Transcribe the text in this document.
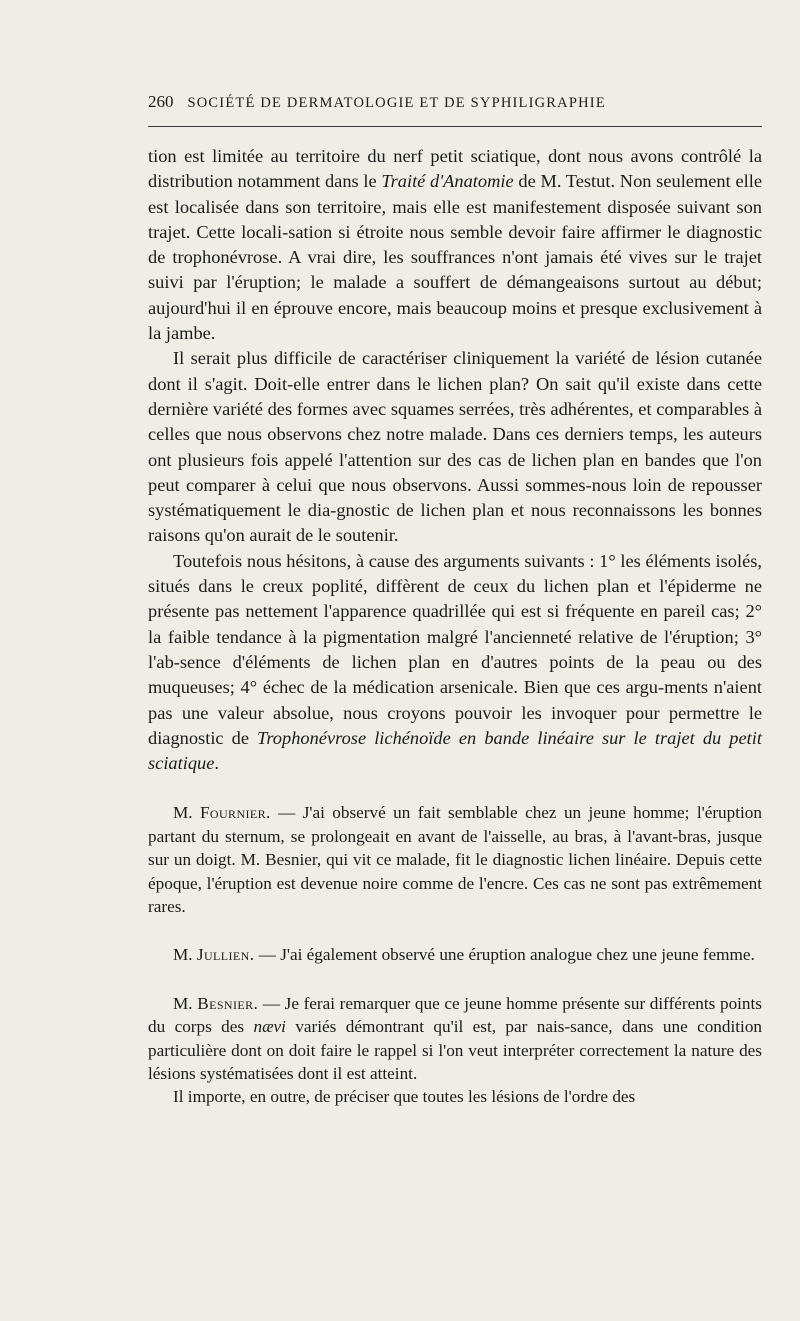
260 SOCIÉTÉ DE DERMATOLOGIE ET DE SYPHILIGRAPHIE

tion est limitée au territoire du nerf petit sciatique, dont nous avons contrôlé la distribution notamment dans le Traité d'Anatomie de M. Testut. Non seulement elle est localisée dans son territoire, mais elle est manifestement disposée suivant son trajet. Cette locali-sation si étroite nous semble devoir faire affirmer le diagnostic de trophonévrose. A vrai dire, les souffrances n'ont jamais été vives sur le trajet suivi par l'éruption; le malade a souffert de démangeaisons surtout au début; aujourd'hui il en éprouve encore, mais beaucoup moins et presque exclusivement à la jambe.

Il serait plus difficile de caractériser cliniquement la variété de lésion cutanée dont il s'agit. Doit-elle entrer dans le lichen plan? On sait qu'il existe dans cette dernière variété des formes avec squames serrées, très adhérentes, et comparables à celles que nous observons chez notre malade. Dans ces derniers temps, les auteurs ont plusieurs fois appelé l'attention sur des cas de lichen plan en bandes que l'on peut comparer à celui que nous observons. Aussi sommes-nous loin de repousser systématiquement le dia-gnostic de lichen plan et nous reconnaissons les bonnes raisons qu'on aurait de le soutenir.

Toutefois nous hésitons, à cause des arguments suivants : 1° les éléments isolés, situés dans le creux poplité, diffèrent de ceux du lichen plan et l'épiderme ne présente pas nettement l'apparence quadrillée qui est si fréquente en pareil cas; 2° la faible tendance à la pigmentation malgré l'ancienneté relative de l'éruption; 3° l'ab-sence d'éléments de lichen plan en d'autres points de la peau ou des muqueuses; 4° échec de la médication arsenicale. Bien que ces argu-ments n'aient pas une valeur absolue, nous croyons pouvoir les invoquer pour permettre le diagnostic de Trophonévrose lichénoïde en bande linéaire sur le trajet du petit sciatique.

M. Fournier. — J'ai observé un fait semblable chez un jeune homme; l'éruption partant du sternum, se prolongeait en avant de l'aisselle, au bras, à l'avant-bras, jusque sur un doigt. M. Besnier, qui vit ce malade, fit le diagnostic lichen linéaire. Depuis cette époque, l'éruption est devenue noire comme de l'encre. Ces cas ne sont pas extrêmement rares.

M. Jullien. — J'ai également observé une éruption analogue chez une jeune femme.

M. Besnier. — Je ferai remarquer que ce jeune homme présente sur différents points du corps des nævi variés démontrant qu'il est, par nais-sance, dans une condition particulière dont on doit faire le rappel si l'on veut interpréter correctement la nature des lésions systématisées dont il est atteint.

Il importe, en outre, de préciser que toutes les lésions de l'ordre des
